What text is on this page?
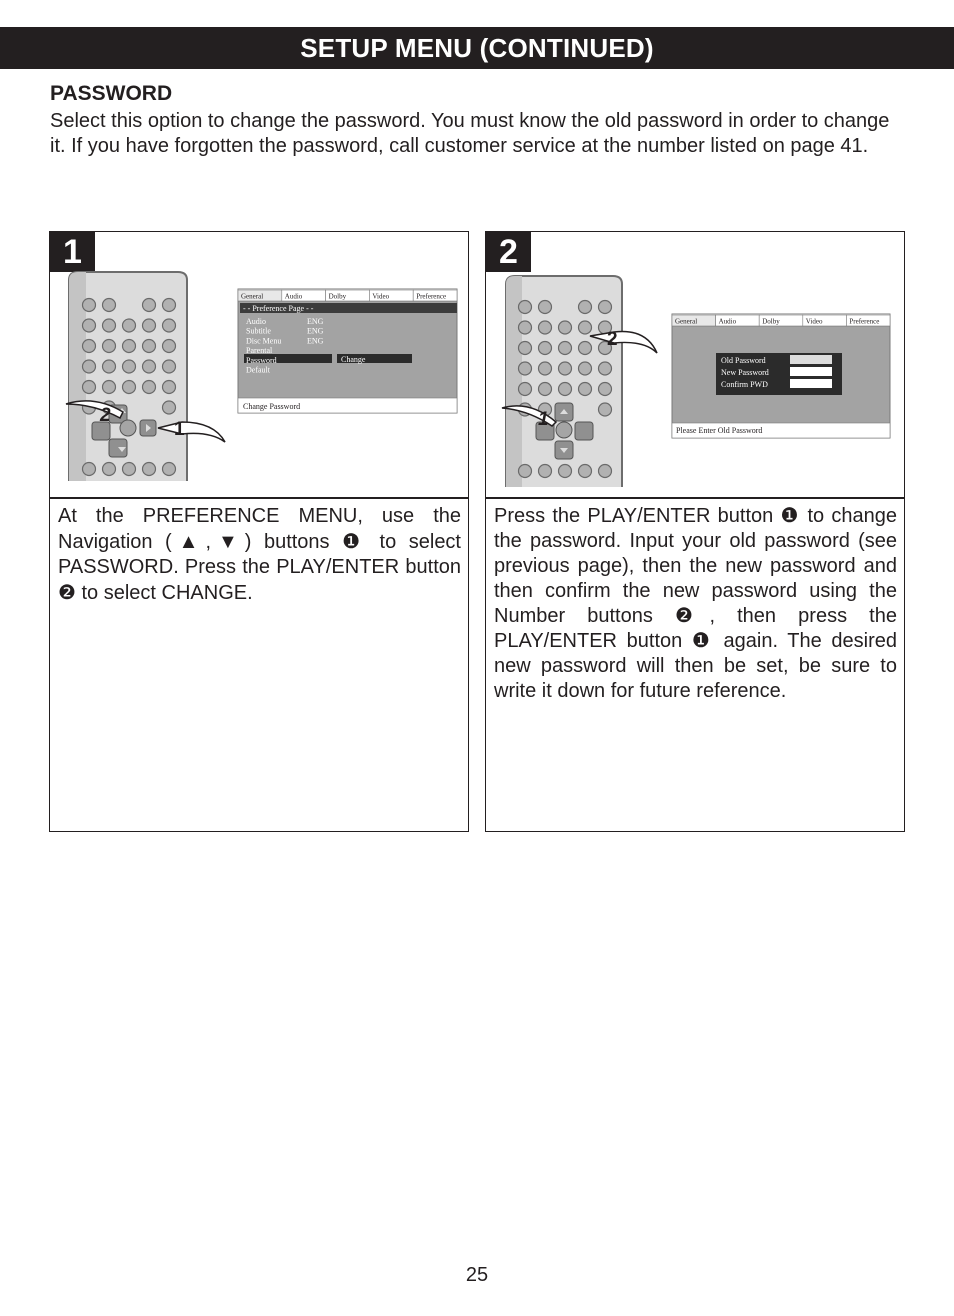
SETUP MENU (CONTINUED)
PASSWORD
Select this option to change the password. You must know the old password in order to change it. If you have forgotten the password, call customer service at the number listed on page 41.
1
2
1
General	Audio	Dolby	Video	Preference
- - Preference Page - -
Audio	ENG
Subtitle	ENG
Disc Menu	ENG
Parental
Password
Default
Change
Change Password
At the PREFERENCE MENU, use the Navigation (▲,▼) buttons ❶ to select PASSWORD. Press the PLAY/ENTER button ❷ to select CHANGE.
2
2
1
General	Audio	Dolby	Video	Preference
Old Password
New Password
Confirm PWD
Please Enter Old Password
Press the PLAY/ENTER button ❶ to change the password. Input your old password (see previous page), then the new password and then confirm the new password using the Number buttons ❷, then press the PLAY/ENTER button ❶ again. The desired new password will then be set, be sure to write it down for future reference.
25
